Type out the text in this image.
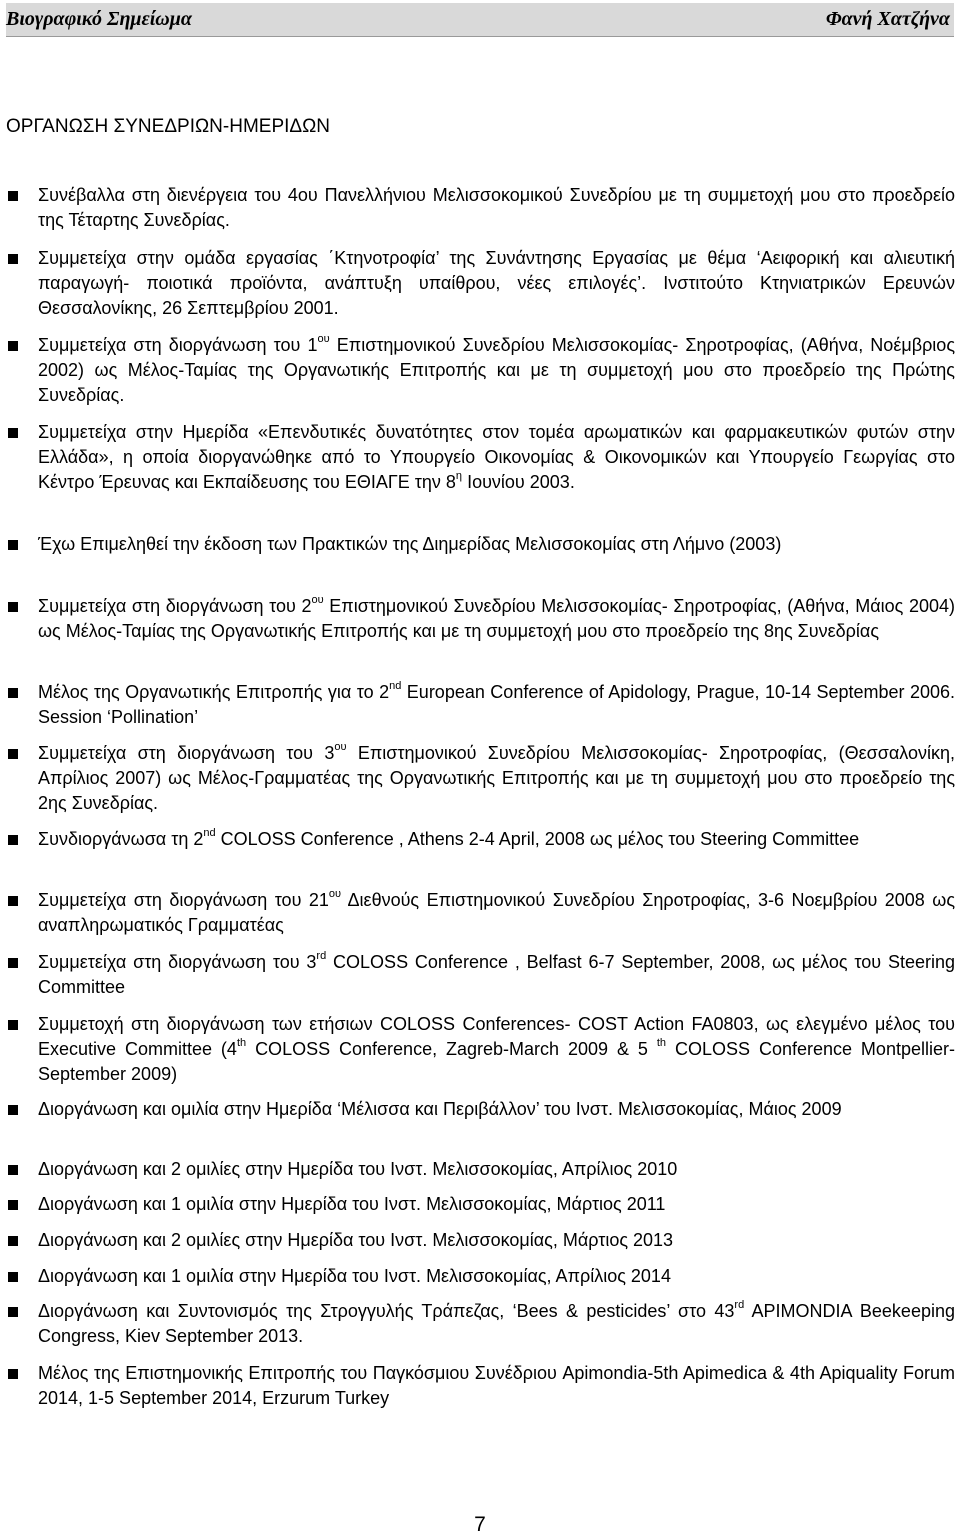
Βιογραφικό Σημείωμα	Φανή Χατζήνα
ΟΡΓΑΝΩΣΗ ΣΥΝΕΔΡΙΩΝ-ΗΜΕΡΙΔΩΝ
Συνέβαλλα στη διενέργεια του 4ου Πανελλήνιου Μελισσοκομικού Συνεδρίου με τη συμμετοχή μου στο προεδρείο της Τέταρτης Συνεδρίας.
Συμμετείχα στην ομάδα εργασίας ΄Κτηνοτροφία’ της Συνάντησης Εργασίας με θέμα ‘Αειφορική και αλιευτική παραγωγή- ποιοτικά προϊόντα, ανάπτυξη υπαίθρου, νέες επιλογές’. Ινστιτούτο Κτηνιατρικών Ερευνών Θεσσαλονίκης, 26 Σεπτεμβρίου 2001.
Συμμετείχα στη διοργάνωση του $1^{o\upsilon}$ Επιστημονικού Συνεδρίου Μελισσοκομίας- Σηροτροφίας, (Αθήνα, Νοέμβριος 2002) ως Μέλος-Ταμίας της Οργανωτικής Επιτροπής και με τη συμμετοχή μου στο προεδρείο της Πρώτης Συνεδρίας.
Συμμετείχα στην Ημερίδα «Επενδυτικές δυνατότητες στον τομέα αρωματικών και φαρμακευτικών φυτών στην Ελλάδα», η οποία διοργανώθηκε από το Υπουργείο Οικονομίας & Οικονομικών και Υπουργείο Γεωργίας στο Κέντρο Έρευνας και Εκπαίδευσης του ΕΘΙΑΓΕ την $8^\eta$ Ιουνίου 2003.
Έχω Επιμεληθεί την έκδοση των Πρακτικών της Διημερίδας Μελισσοκομίας στη Λήμνο (2003)
Συμμετείχα στη διοργάνωση του $2^{o\upsilon}$ Επιστημονικού Συνεδρίου Μελισσοκομίας- Σηροτροφίας, (Αθήνα, Μάιος 2004) ως Μέλος-Ταμίας της Οργανωτικής Επιτροπής και με τη συμμετοχή μου στο προεδρείο της 8ης Συνεδρίας
Μέλος της Οργανωτικής Επιτροπής για το 2nd European Conference of Apidology, Prague, 10-14 September 2006. Session ‘Pollination’
Συμμετείχα στη διοργάνωση του $3^{o\upsilon}$ Επιστημονικού Συνεδρίου Μελισσοκομίας- Σηροτροφίας, (Θεσσαλονίκη, Απρίλιος 2007) ως Μέλος-Γραμματέας της Οργανωτικής Επιτροπής και με τη συμμετοχή μου στο προεδρείο της 2ης Συνεδρίας.
Συνδιοργάνωσα τη 2nd COLOSS Conference , Athens 2-4 April, 2008 ως μέλος του Steering Committee
Συμμετείχα στη διοργάνωση του $21^{o\upsilon}$ Διεθνούς Επιστημονικού Συνεδρίου Σηροτροφίας, 3-6 Νοεμβρίου 2008 ως αναπληρωματικός Γραμματέας
Συμμετείχα στη διοργάνωση του 3rd COLOSS Conference , Belfast 6-7 September, 2008, ως μέλος του Steering Committee
Συμμετοχή στη διοργάνωση των ετήσιων COLOSS Conferences- COST Action FA0803, ως ελεγμένο μέλος του Executive Committee (4th COLOSS Conference, Zagreb-March 2009 & 5 $^{th}$ COLOSS Conference Montpellier-September 2009)
Διοργάνωση και ομιλία στην Ημερίδα ‘Μέλισσα και Περιβάλλον’ του Ινστ. Μελισσοκομίας, Μάιος 2009
Διοργάνωση και 2 ομιλίες στην Ημερίδα του Ινστ. Μελισσοκομίας, Απρίλιος 2010
Διοργάνωση και 1 ομιλία στην Ημερίδα του Ινστ. Μελισσοκομίας, Μάρτιος 2011
Διοργάνωση και 2 ομιλίες στην Ημερίδα του Ινστ. Μελισσοκομίας, Μάρτιος 2013
Διοργάνωση και 1 ομιλία στην Ημερίδα του Ινστ. Μελισσοκομίας, Απρίλιος 2014
Διοργάνωση και Συντονισμός της Στρογγυλής Τράπεζας, ‘Bees & pesticides’ στο 43rd APIMONDIA Beekeeping Congress, Kiev September 2013.
Μέλος της Επιστημονικής Επιτροπής του Παγκόσμιου Συνέδριου Apimondia-5th Apimedica & 4th Apiquality Forum 2014, 1-5 September 2014, Erzurum Turkey
7
